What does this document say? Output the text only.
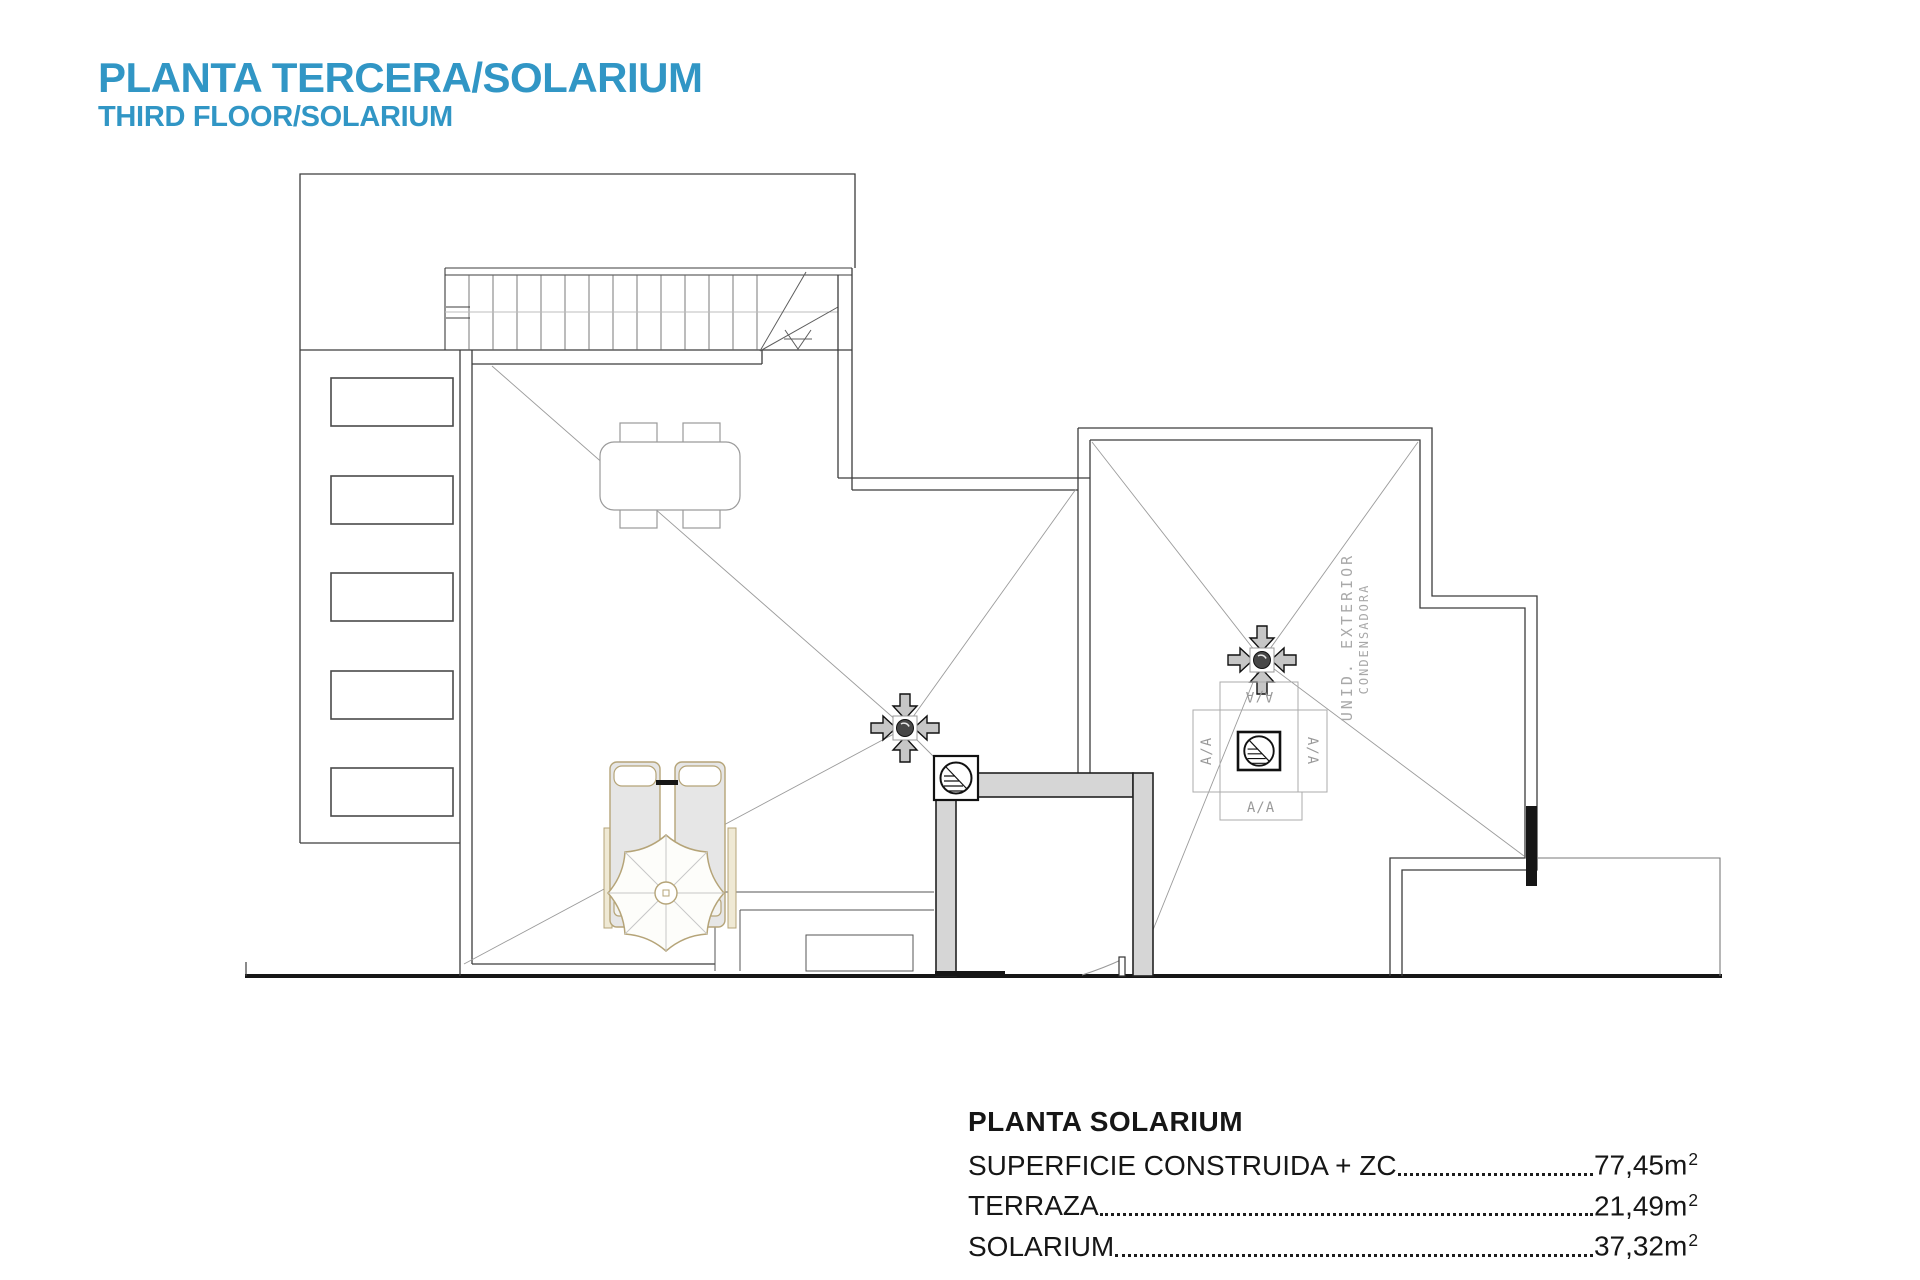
PLANTA TERCERA/SOLARIUM
THIRD FLOOR/SOLARIUM
A/A
A/A
A/A	A/A
UNID. EXTERIOR CONDENSADORA
PLANTA SOLARIUM
SUPERFICIE CONSTRUIDA + ZC	$77,45m^2$
TERRAZA	$21,49m^2$
SOLARIUM	$37,32m^2$
